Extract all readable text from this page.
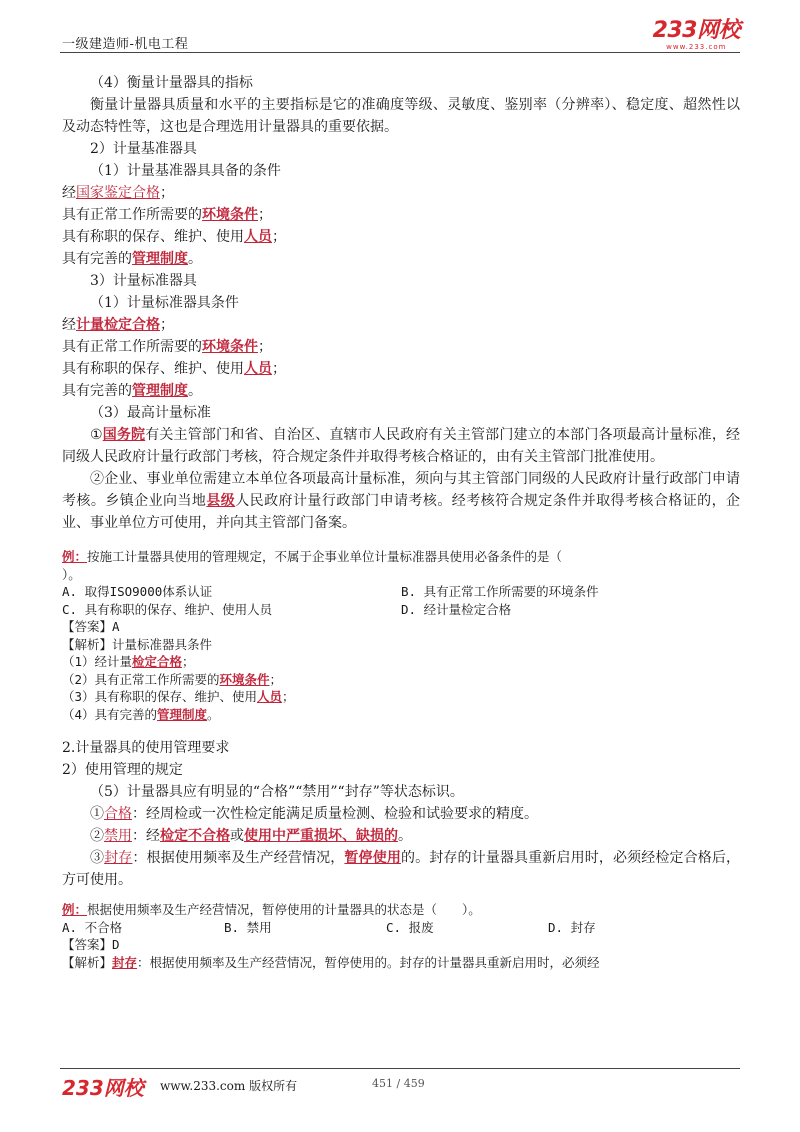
一级建造师-机电工程
233网校
www.233.com
（4）衡量计量器具的指标
衡量计量器具质量和水平的主要指标是它的准确度等级、灵敏度、鉴别率（分辨率）、稳定度、超然性以及动态特性等，这也是合理选用计量器具的重要依据。
2）计量基准器具
（1）计量基准器具具备的条件
经国家鉴定合格；
具有正常工作所需要的环境条件；
具有称职的保存、维护、使用人员；
具有完善的管理制度。
3）计量标准器具
（1）计量标准器具条件
经计量检定合格；
具有正常工作所需要的环境条件；
具有称职的保存、维护、使用人员；
具有完善的管理制度。
（3）最高计量标准
①国务院有关主管部门和省、自治区、直辖市人民政府有关主管部门建立的本部门各项最高计量标准，经同级人民政府计量行政部门考核，符合规定条件并取得考核合格证的，由有关主管部门批准使用。
②企业、事业单位需建立本单位各项最高计量标准，须向与其主管部门同级的人民政府计量行政部门申请考核。乡镇企业向当地县级人民政府计量行政部门申请考核。经考核符合规定条件并取得考核合格证的，企业、事业单位方可使用，并向其主管部门备案。
例：按施工计量器具使用的管理规定，不属于企事业单位计量标准器具使用必备条件的是（
）。
A. 取得ISO9000体系认证	B. 具有正常工作所需要的环境条件
C. 具有称职的保存、维护、使用人员	D. 经计量检定合格
【答案】A
【解析】计量标准器具条件
（1）经计量检定合格；
（2）具有正常工作所需要的环境条件；
（3）具有称职的保存、维护、使用人员；
（4）具有完善的管理制度。
2.计量器具的使用管理要求
2）使用管理的规定
（5）计量器具应有明显的“合格”“禁用”“封存”等状态标识。
①合格：经周检或一次性检定能满足质量检测、检验和试验要求的精度。
②禁用：经检定不合格或使用中严重损坏、缺损的。
③封存：根据使用频率及生产经营情况，暂停使用的。封存的计量器具重新启用时，必须经检定合格后，方可使用。
例：根据使用频率及生产经营情况，暂停使用的计量器具的状态是（　　）。
A. 不合格	B. 禁用	C. 报废	D. 封存
【答案】D
【解析】封存：根据使用频率及生产经营情况，暂停使用的。封存的计量器具重新启用时，必须经
233网校 www.233.com 版权所有	451 / 459
